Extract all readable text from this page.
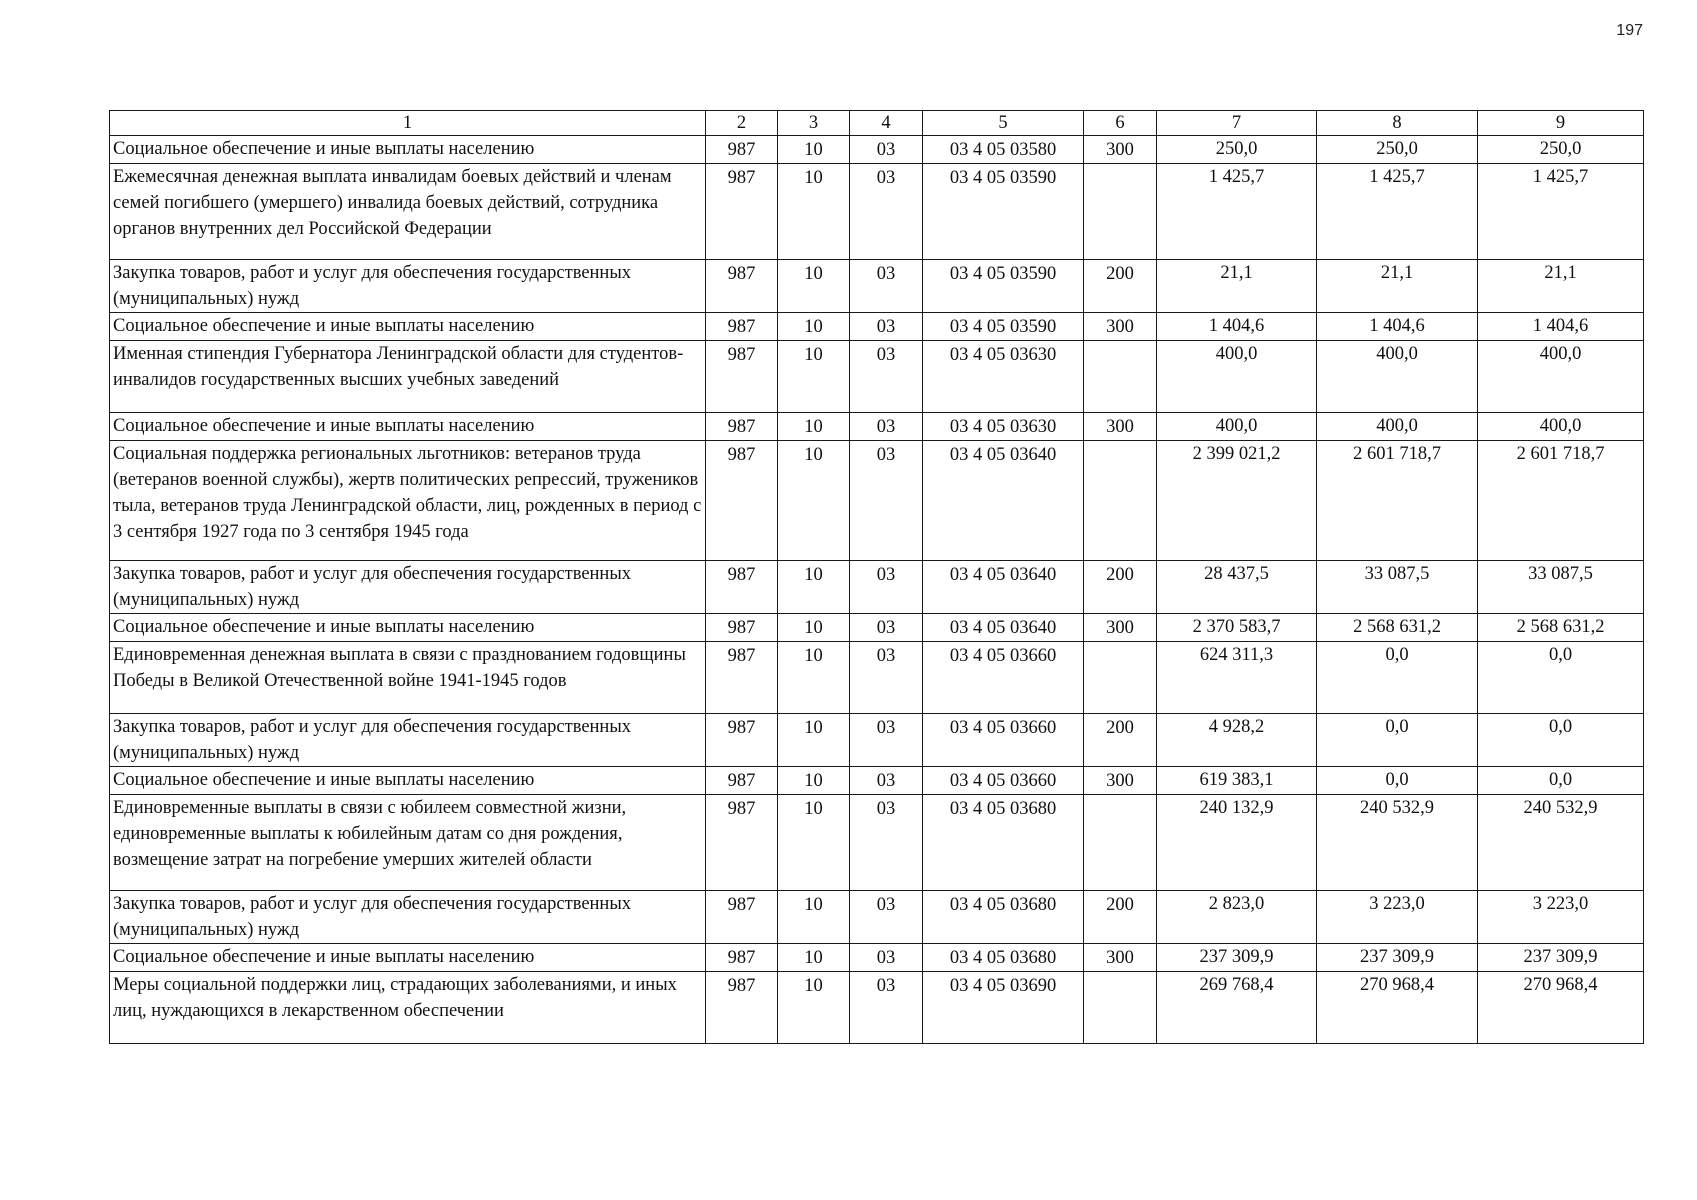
197
1	2	3	4	5	6	7	8	9
Социальное обеспечение и иные выплаты населению	987	10	03	03 4 05 03580	300	250,0	250,0	250,0
Ежемесячная денежная выплата инвалидам боевых действий и членам семей погибшего (умершего) инвалида боевых действий, сотрудника органов внутренних дел Российской Федерации	987	10	03	03 4 05 03590		1 425,7	1 425,7	1 425,7
Закупка товаров, работ и услуг для обеспечения государственных (муниципальных) нужд	987	10	03	03 4 05 03590	200	21,1	21,1	21,1
Социальное обеспечение и иные выплаты населению	987	10	03	03 4 05 03590	300	1 404,6	1 404,6	1 404,6
Именная стипендия Губернатора Ленинградской области для студентов-инвалидов государственных высших учебных заведений	987	10	03	03 4 05 03630		400,0	400,0	400,0
Социальное обеспечение и иные выплаты населению	987	10	03	03 4 05 03630	300	400,0	400,0	400,0
Социальная поддержка региональных льготников: ветеранов труда (ветеранов военной службы), жертв политических репрессий, тружеников тыла, ветеранов труда Ленинградской области, лиц, рожденных в период с 3 сентября 1927 года по 3 сентября 1945 года	987	10	03	03 4 05 03640		2 399 021,2	2 601 718,7	2 601 718,7
Закупка товаров, работ и услуг для обеспечения государственных (муниципальных) нужд	987	10	03	03 4 05 03640	200	28 437,5	33 087,5	33 087,5
Социальное обеспечение и иные выплаты населению	987	10	03	03 4 05 03640	300	2 370 583,7	2 568 631,2	2 568 631,2
Единовременная денежная выплата в связи с празднованием годовщины Победы в Великой Отечественной войне 1941-1945 годов	987	10	03	03 4 05 03660		624 311,3	0,0	0,0
Закупка товаров, работ и услуг для обеспечения государственных (муниципальных) нужд	987	10	03	03 4 05 03660	200	4 928,2	0,0	0,0
Социальное обеспечение и иные выплаты населению	987	10	03	03 4 05 03660	300	619 383,1	0,0	0,0
Единовременные выплаты в связи с юбилеем совместной жизни, единовременные выплаты к юбилейным датам со дня рождения, возмещение затрат на погребение умерших жителей области	987	10	03	03 4 05 03680		240 132,9	240 532,9	240 532,9
Закупка товаров, работ и услуг для обеспечения государственных (муниципальных) нужд	987	10	03	03 4 05 03680	200	2 823,0	3 223,0	3 223,0
Социальное обеспечение и иные выплаты населению	987	10	03	03 4 05 03680	300	237 309,9	237 309,9	237 309,9
Меры социальной поддержки лиц, страдающих заболеваниями, и иных лиц, нуждающихся в лекарственном обеспечении	987	10	03	03 4 05 03690		269 768,4	270 968,4	270 968,4
